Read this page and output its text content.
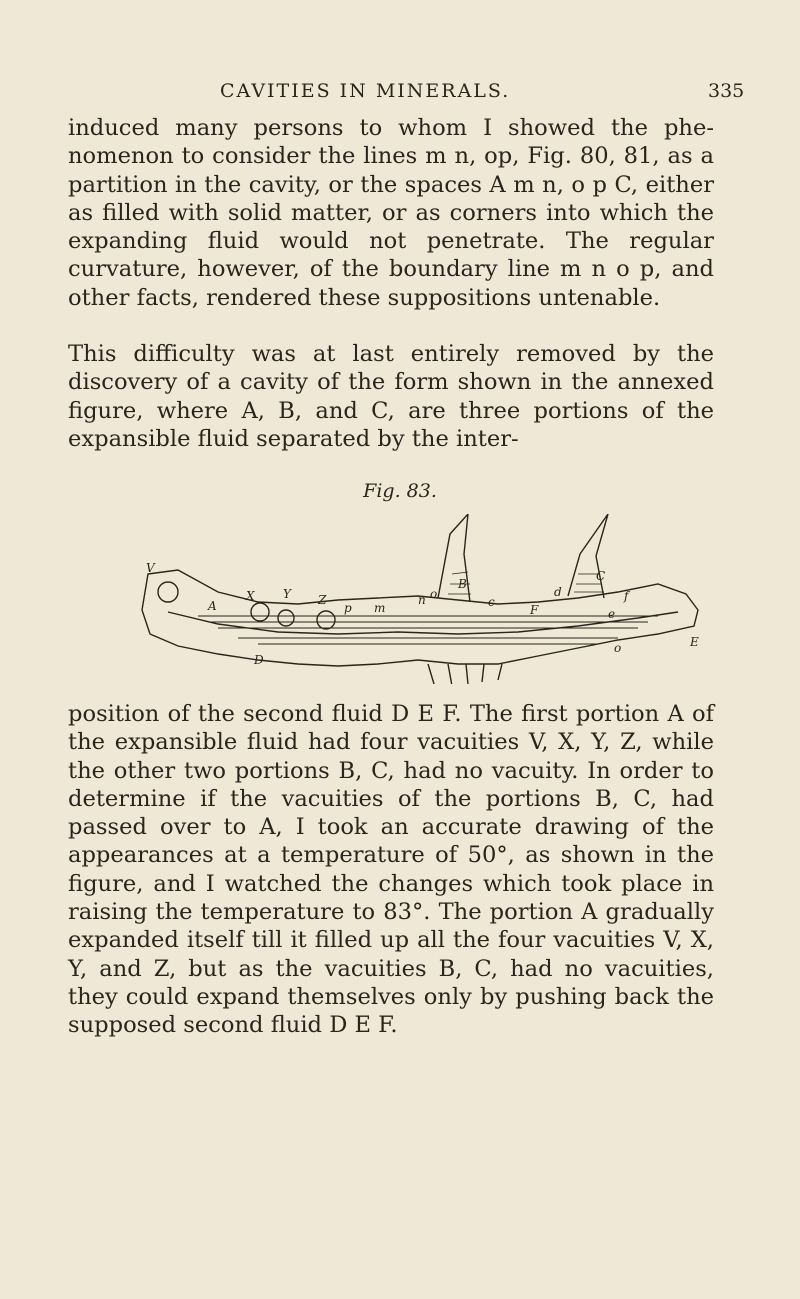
CAVITIES IN MINERALS.	335

induced many persons to whom I showed the phenomenon to consider the lines m n, op, Fig. 80, 81, as a partition in the cavity, or the spaces A m n, o p C, either as filled with solid matter, or as corners into which the expanding fluid would not penetrate. The regular curvature, however, of the boundary line m n o p, and other facts, rendered these suppositions untenable.

This difficulty was at last entirely removed by the discovery of a cavity of the form shown in the annexed figure, where A, B, and C, are three portions of the expansible fluid separated by the inter-

Fig. 83.
V
A
X Y Z
p m
n o
B
c
F
d
C
f
e
D
o	E

position of the second fluid D E F. The first portion A of the expansible fluid had four vacuities V, X, Y, Z, while the other two portions B, C, had no vacuity. In order to determine if the vacuities of the portions B, C, had passed over to A, I took an accurate drawing of the appearances at a temperature of 50°, as shown in the figure, and I watched the changes which took place in raising the temperature to 83°. The portion A gradually expanded itself till it filled up all the four vacuities V, X, Y, and Z, but as the vacuities B, C, had no vacuities, they could expand themselves only by pushing back the supposed second fluid D E F.
